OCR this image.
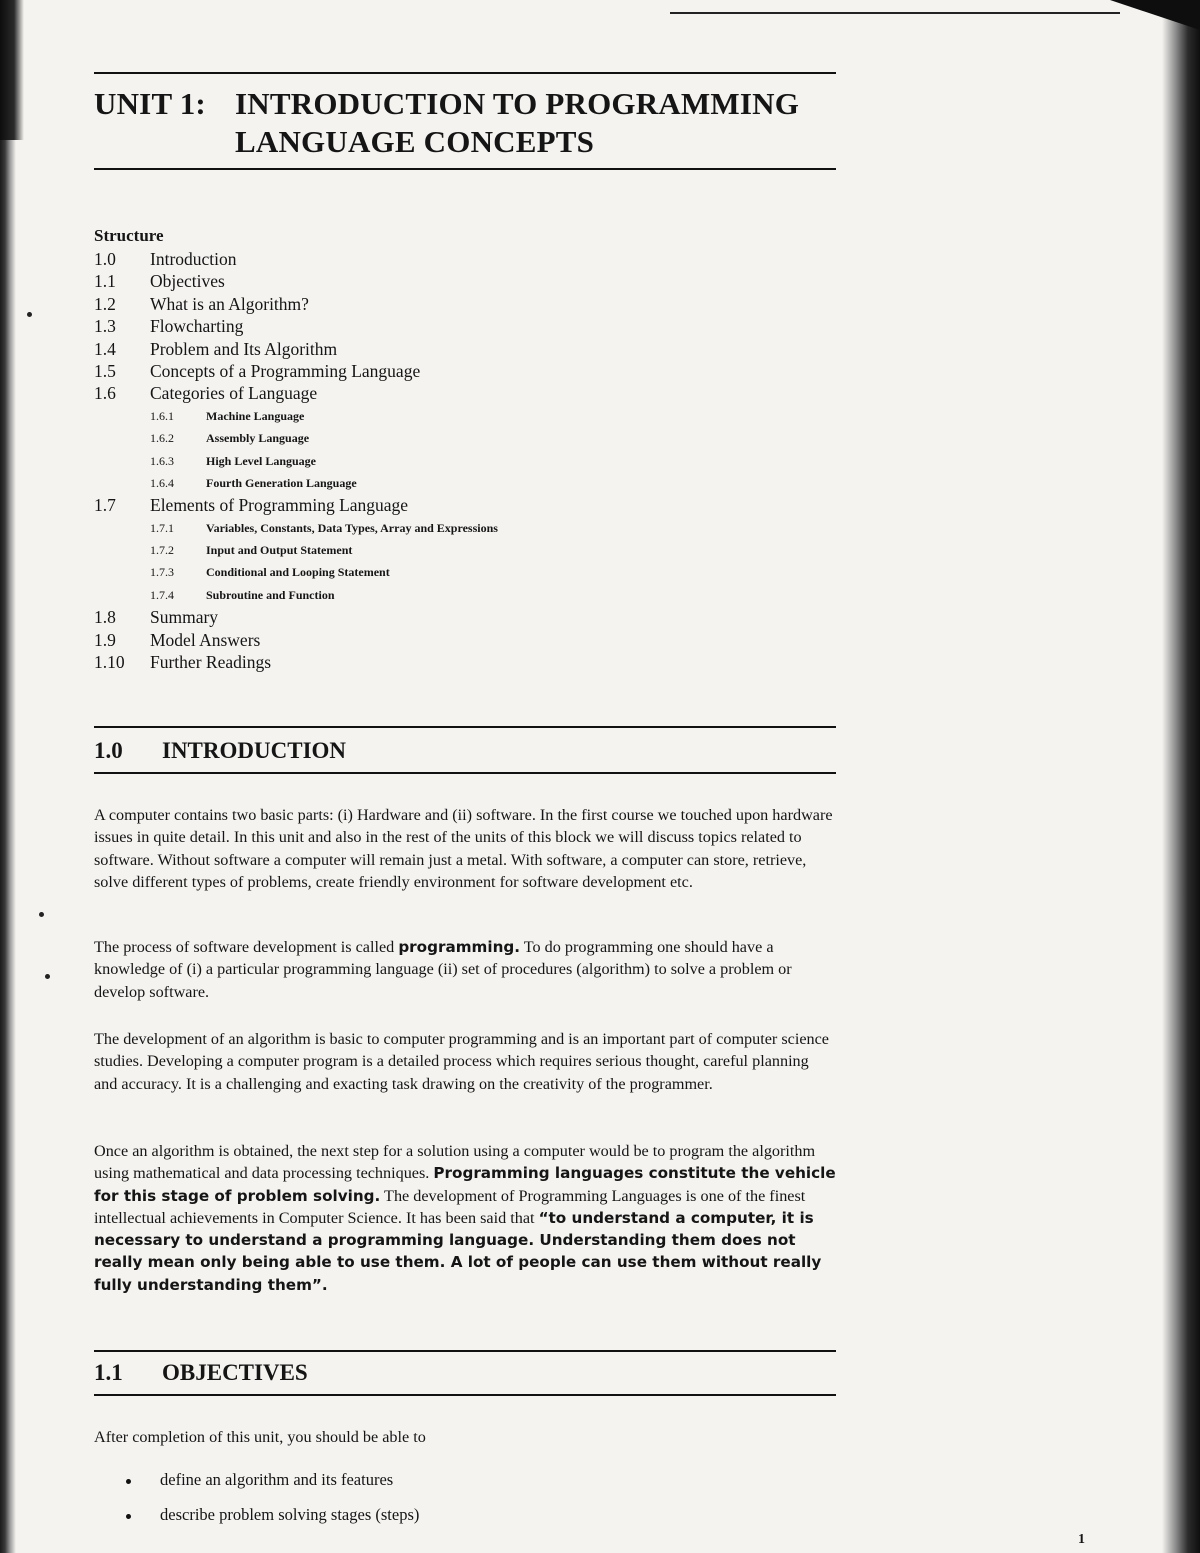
UNIT 1: INTRODUCTION TO PROGRAMMING
LANGUAGE CONCEPTS
Structure
1.0 Introduction
1.1 Objectives
1.2 What is an Algorithm?
1.3 Flowcharting
1.4 Problem and Its Algorithm
1.5 Concepts of a Programming Language
1.6 Categories of Language
1.6.1	Machine Language
1.6.2	Assembly Language
1.6.3	High Level Language
1.6.4	Fourth Generation Language
1.7 Elements of Programming Language
1.7.1	Variables, Constants, Data Types, Array and Expressions
1.7.2	Input and Output Statement
1.7.3	Conditional and Looping Statement
1.7.4	Subroutine and Function
1.8 Summary
1.9 Model Answers
1.10 Further Readings
1.0 INTRODUCTION
A computer contains two basic parts: (i) Hardware and (ii) software. In the first course we touched upon hardware issues in quite detail. In this unit and also in the rest of the units of this block we will discuss topics related to software. Without software a computer will remain just a metal. With software, a computer can store, retrieve, solve different types of problems, create friendly environment for software development etc.
The process of software development is called programming. To do programming one should have a knowledge of (i) a particular programming language (ii) set of procedures (algorithm) to solve a problem or develop software.
The development of an algorithm is basic to computer programming and is an important part of computer science studies. Developing a computer program is a detailed process which requires serious thought, careful planning and accuracy. It is a challenging and exacting task drawing on the creativity of the programmer.
Once an algorithm is obtained, the next step for a solution using a computer would be to program the algorithm using mathematical and data processing techniques. Programming languages constitute the vehicle for this stage of problem solving. The development of Programming Languages is one of the finest intellectual achievements in Computer Science. It has been said that “to understand a computer, it is necessary to understand a programming language. Understanding them does not really mean only being able to use them. A lot of people can use them without really fully understanding them”.
1.1 OBJECTIVES
After completion of this unit, you should be able to
define an algorithm and its features
describe problem solving stages (steps)
1
